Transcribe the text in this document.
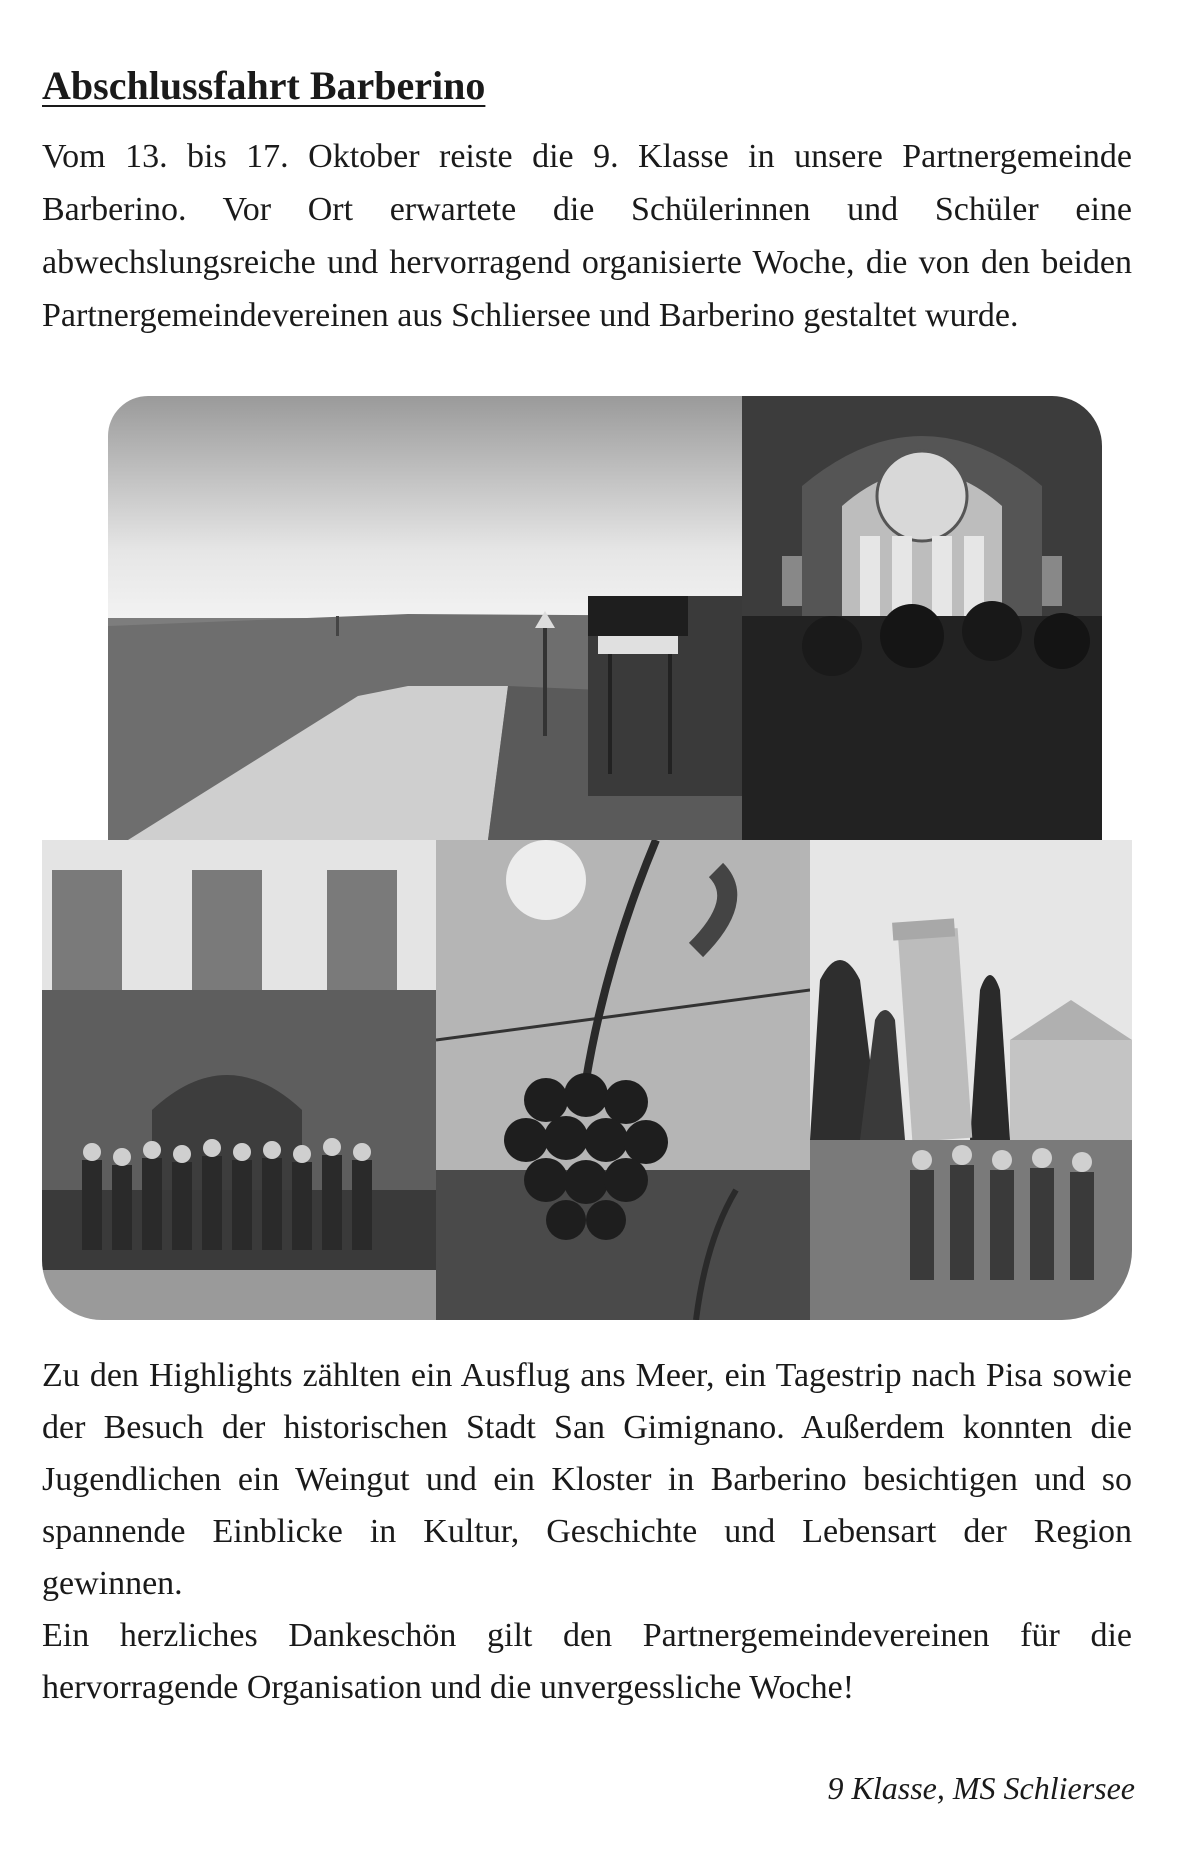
Abschlussfahrt Barberino

Vom 13. bis 17. Oktober reiste die 9. Klasse in unsere Partnergemeinde Barberino. Vor Ort erwartete die Schülerinnen und Schüler eine abwechslungsreiche und hervorragend organisierte Woche, die von den beiden Partnergemeindevereinen aus Schliersee und Barberino gestaltet wurde.

Zu den Highlights zählten ein Ausflug ans Meer, ein Tagestrip nach Pisa sowie der Besuch der historischen Stadt San Gimignano. Außerdem konnten die Jugendlichen ein Weingut und ein Kloster in Barberino besichtigen und so spannende Einblicke in Kultur, Geschichte und Lebensart der Region gewinnen.

Ein herzliches Dankeschön gilt den Partnergemeindevereinen für die hervorragende Organisation und die unvergessliche Woche!

9 Klasse, MS Schliersee
